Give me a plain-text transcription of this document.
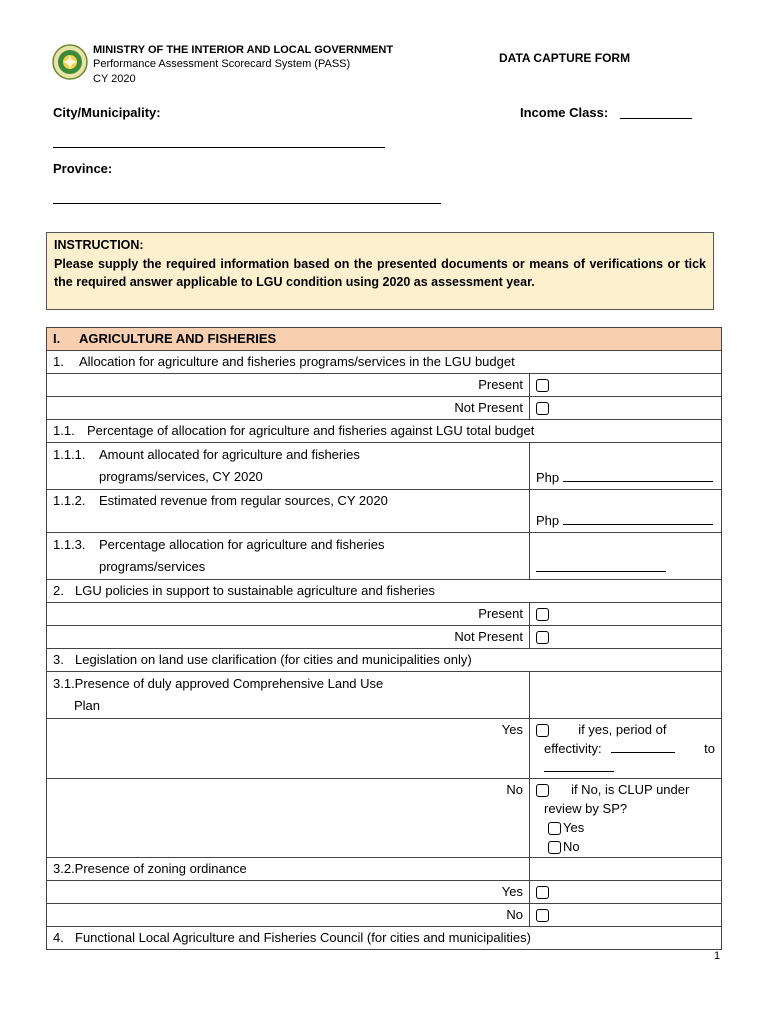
MINISTRY OF THE INTERIOR AND LOCAL GOVERNMENT
Performance Assessment Scorecard System (PASS)
CY 2020
DATA CAPTURE FORM
City/Municipality:	Income Class:
Province:
INSTRUCTION:
Please supply the required information based on the presented documents or means of verifications or tick the required answer applicable to LGU condition using 2020 as assessment year.
I. AGRICULTURE AND FISHERIES	
1. Allocation for agriculture and fisheries programs/services in the LGU budget	
Present	
Not Present	
1.1. Percentage of allocation for agriculture and fisheries against LGU total budget	

1.1.1. Amount allocated for agriculture and fisheries
programs/services, CY 2020	Php
1.1.2. Estimated revenue from regular sources, CY 2020	Php

1.1.3. Percentage allocation for agriculture and fisheries
programs/services	

2. LGU policies in support to sustainable agriculture and fisheries	
Present	
Not Present	
3. Legislation on land use clarification (for cities and municipalities only)	

3.1.Presence of duly approved Comprehensive Land Use
Plan	

Yes	if yes, period of
effectivity: to

No	if No, is CLUP under
review by SP?
Yes
No

3.2.Presence of zoning ordinance	
Yes	
No	
4. Functional Local Agriculture and Fisheries Council (for cities and municipalities)	
1
